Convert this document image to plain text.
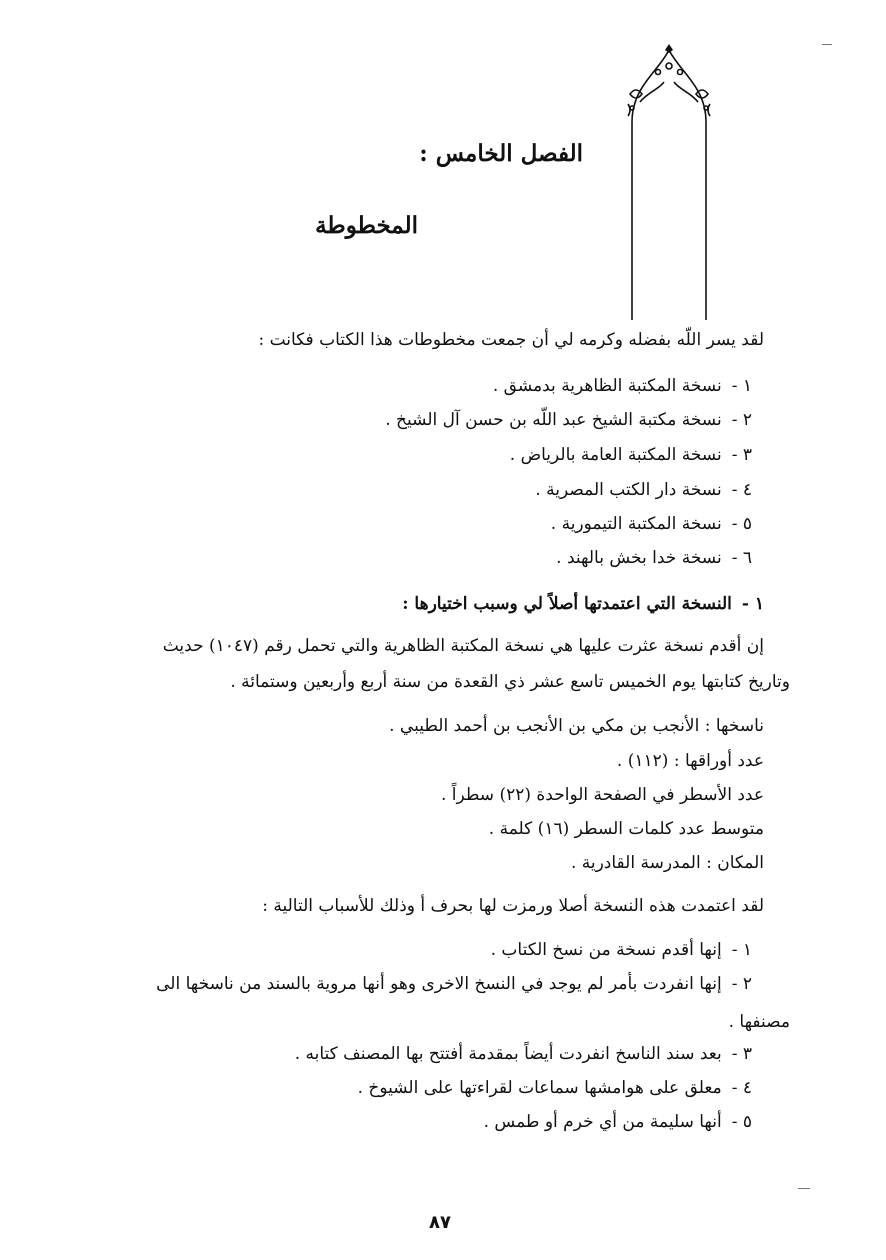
الفصل الخامس :
المخطوطة
لقد يسر اللّه بفضله وكرمه لي أن جمعت مخطوطات هذا الكتاب فكانت :
١ -نسخة المكتبة الظاهرية بدمشق .
٢ -نسخة مكتبة الشيخ عبد اللّه بن حسن آل الشيخ .
٣ -نسخة المكتبة العامة بالرياض .
٤ -نسخة دار الكتب المصرية .
٥ -نسخة المكتبة التيمورية .
٦ -نسخة خدا بخش بالهند .
١ -النسخة التي اعتمدتها أصلاً لي وسبب اختيارها :
إن أقدم نسخة عثرت عليها هي نسخة المكتبة الظاهرية والتي تحمل رقم (١٠٤٧) حديث
وتاريخ كتابتها يوم الخميس تاسع عشر ذي القعدة من سنة أربع وأربعين وستمائة .
ناسخها : الأنجب بن مكي بن الأنجب بن أحمد الطيبي .
عدد أوراقها : (١١٢) .
عدد الأسطر في الصفحة الواحدة (٢٢) سطراً .
متوسط عدد كلمات السطر (١٦) كلمة .
المكان : المدرسة القادرية .
لقد اعتمدت هذه النسخة أصلا ورمزت لها بحرف أ وذلك للأسباب التالية :
١ -إنها أقدم نسخة من نسخ الكتاب .
٢ -إنها انفردت بأمر لم يوجد في النسخ الاخرى وهو أنها مروية بالسند من ناسخها الى
مصنفها .
٣ -بعد سند الناسخ انفردت أيضاً بمقدمة أفتتح بها المصنف كتابه .
٤ -معلق على هوامشها سماعات لقراءتها على الشيوخ .
٥ -أنها سليمة من أي خرم أو طمس .
٨٧
